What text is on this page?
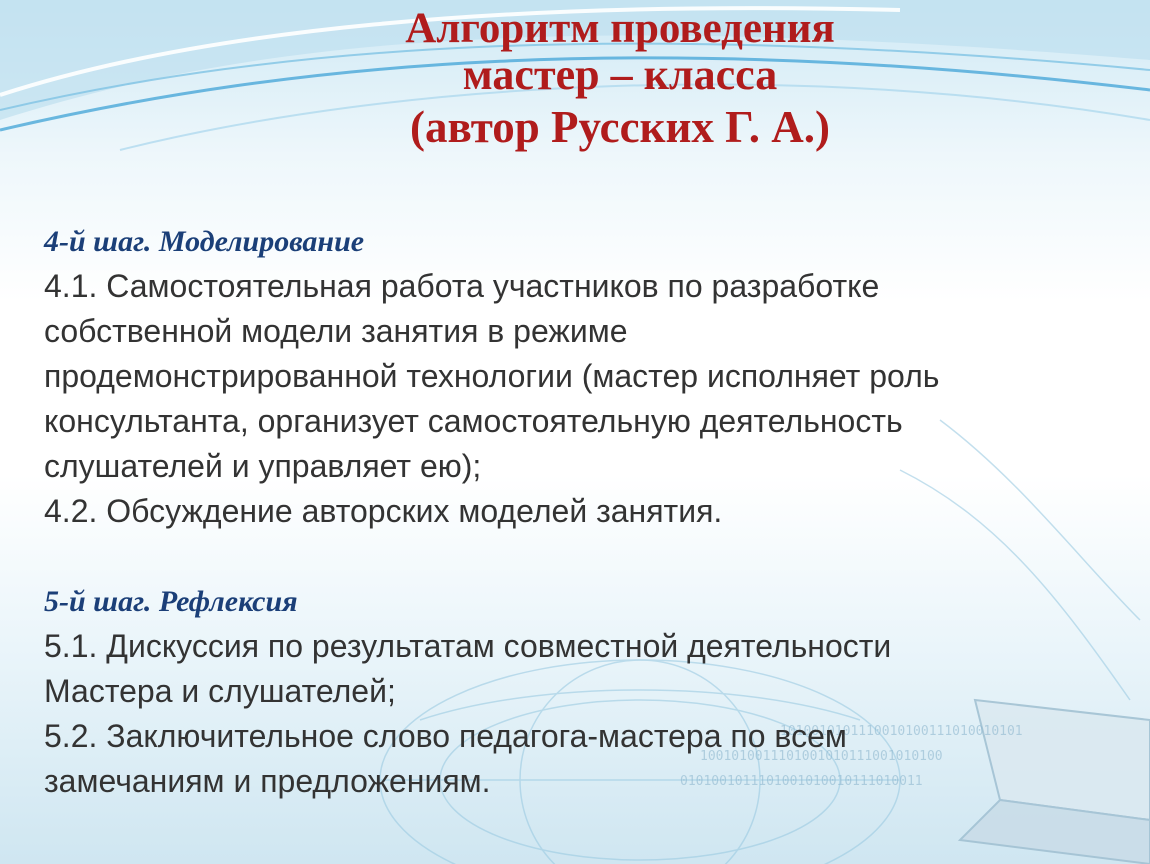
1010010101110010100111010010101
1001010011101001010111001010100
0101001011101001010010111010011
Алгоритм проведения
мастер – класса
(автор Русских Г. А.)
4-й шаг. Моделирование
4.1. Самостоятельная работа участников по разработке
собственной модели занятия в режиме
продемонстрированной технологии (мастер исполняет роль
консультанта, организует самостоятельную деятельность
слушателей и управляет ею);
4.2. Обсуждение авторских моделей занятия.
5-й шаг. Рефлексия
5.1. Дискуссия по результатам совместной деятельности
Мастера и слушателей;
5.2. Заключительное слово педагога-мастера по всем
замечаниям и предложениям.
